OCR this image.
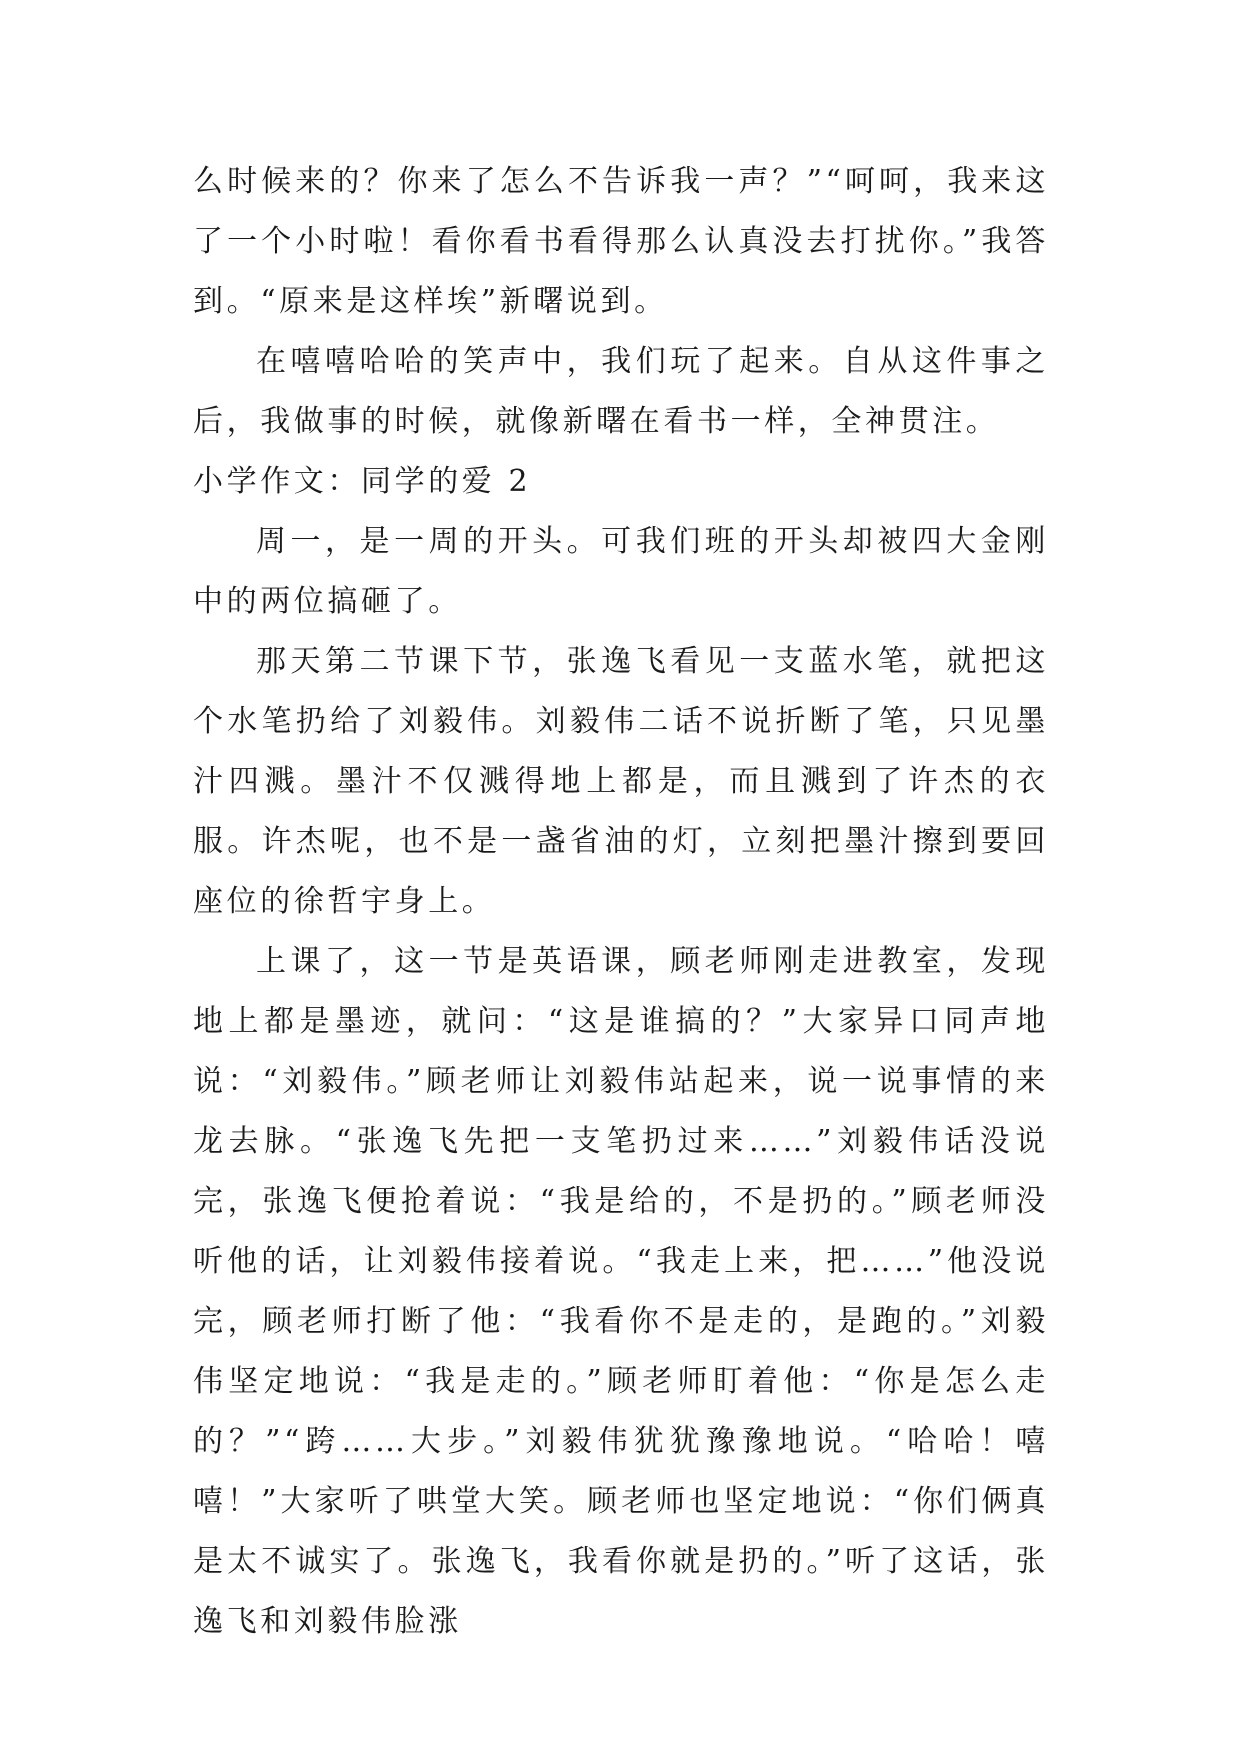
么时候来的？你来了怎么不告诉我一声？”“呵呵，我来这了一个小时啦！看你看书看得那么认真没去打扰你。”我答到。“原来是这样埃”新曙说到。

在嘻嘻哈哈的笑声中，我们玩了起来。自从这件事之后，我做事的时候，就像新曙在看书一样，全神贯注。

小学作文：同学的爱 2

周一，是一周的开头。可我们班的开头却被四大金刚中的两位搞砸了。

那天第二节课下节，张逸飞看见一支蓝水笔，就把这个水笔扔给了刘毅伟。刘毅伟二话不说折断了笔，只见墨汁四溅。墨汁不仅溅得地上都是，而且溅到了许杰的衣服。许杰呢，也不是一盏省油的灯，立刻把墨汁擦到要回座位的徐哲宇身上。

上课了，这一节是英语课，顾老师刚走进教室，发现地上都是墨迹，就问：“这是谁搞的？”大家异口同声地说：“刘毅伟。”顾老师让刘毅伟站起来，说一说事情的来龙去脉。“张逸飞先把一支笔扔过来……”刘毅伟话没说完，张逸飞便抢着说：“我是给的，不是扔的。”顾老师没听他的话，让刘毅伟接着说。“我走上来，把……”他没说完，顾老师打断了他：“我看你不是走的，是跑的。”刘毅伟坚定地说：“我是走的。”顾老师盯着他：“你是怎么走的？”“跨……大步。”刘毅伟犹犹豫豫地说。“哈哈！嘻嘻！”大家听了哄堂大笑。顾老师也坚定地说：“你们俩真是太不诚实了。张逸飞，我看你就是扔的。”听了这话，张逸飞和刘毅伟脸涨
